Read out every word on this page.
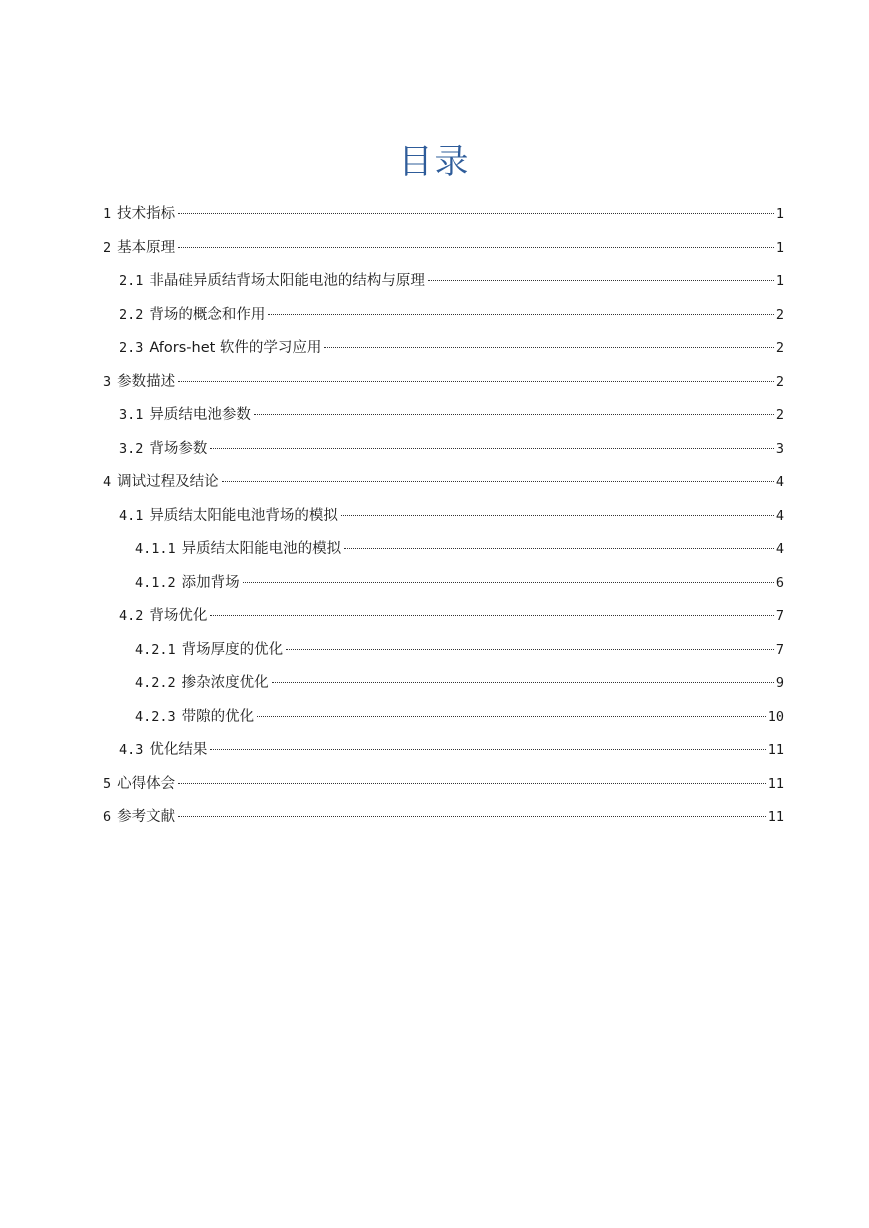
目录
1 技术指标	1
2 基本原理	1
2.1 非晶硅异质结背场太阳能电池的结构与原理	1
2.2 背场的概念和作用	2
2.3 Afors-het 软件的学习应用	2
3 参数描述	2
3.1 异质结电池参数	2
3.2 背场参数	3
4 调试过程及结论	4
4.1 异质结太阳能电池背场的模拟	4
4.1.1 异质结太阳能电池的模拟	4
4.1.2 添加背场	6
4.2 背场优化	7
4.2.1 背场厚度的优化	7
4.2.2 掺杂浓度优化	9
4.2.3 带隙的优化	10
4.3 优化结果	11
5 心得体会	11
6 参考文献	11
